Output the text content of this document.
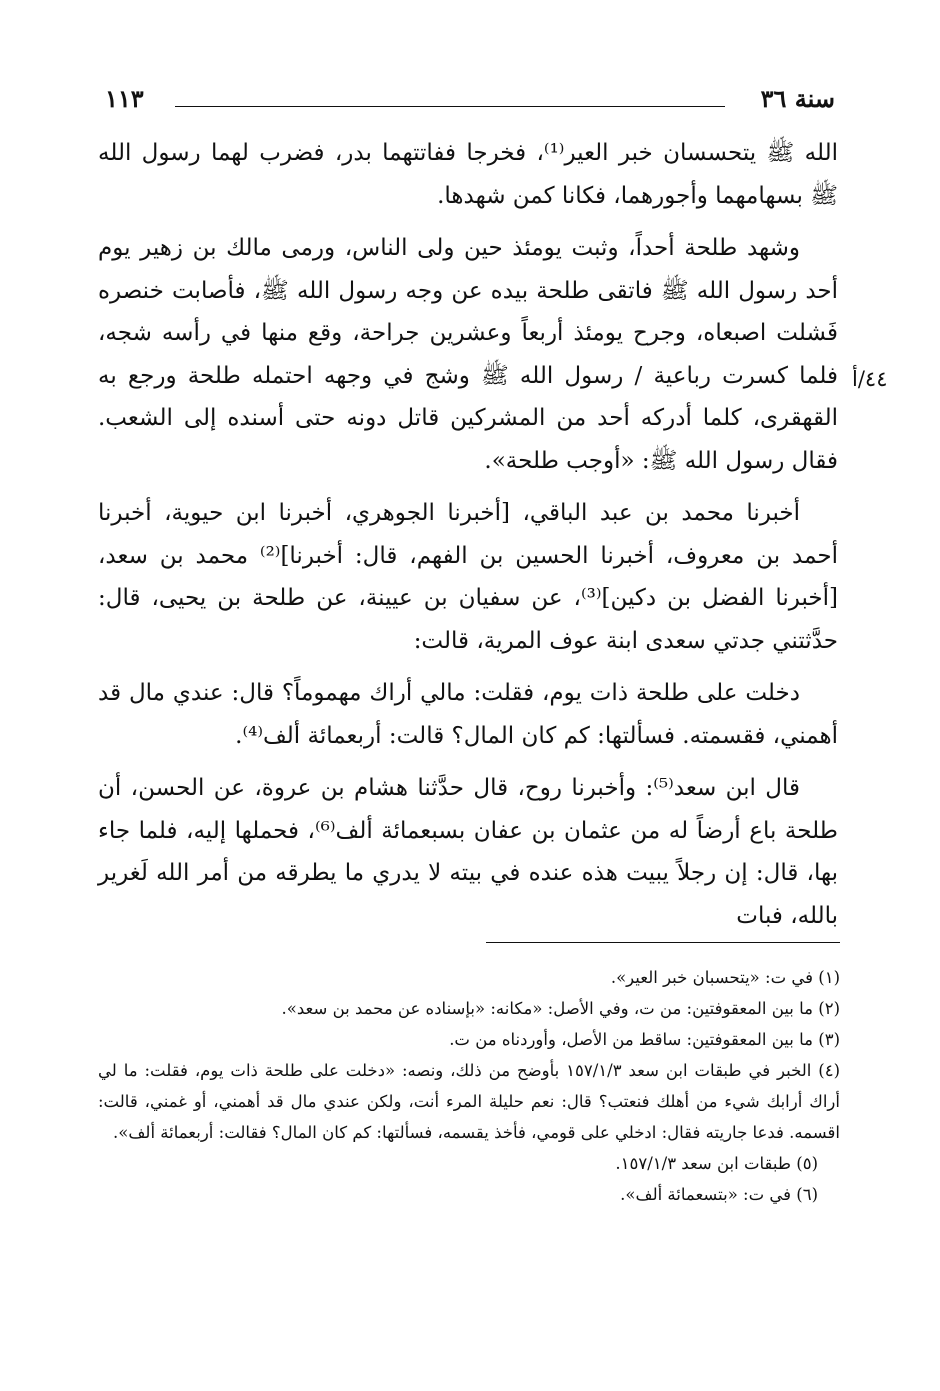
سنة ٣٦
١١٣

الله ﷺ يتحسسان خبر العير⁽¹⁾، فخرجا ففاتتهما بدر، فضرب لهما رسول الله ﷺ بسهامهما وأجورهما، فكانا كمن شهدها.

وشهد طلحة أحداً، وثبت يومئذ حين ولى الناس، ورمى مالك بن زهير يوم أحد رسول الله ﷺ فاتقى طلحة بيده عن وجه رسول الله ﷺ، فأصابت خنصره فَشلت اصبعاه، وجرح يومئذ أربعاً وعشرين جراحة، وقع منها في رأسه شجه، فلما كسرت رباعية / رسول الله ﷺ وشج في وجهه احتمله طلحة ورجع به القهقرى، كلما أدركه أحد من المشركين قاتل دونه حتى أسنده إلى الشعب. فقال رسول الله ﷺ: «أوجب طلحة».

أخبرنا محمد بن عبد الباقي، [أخبرنا الجوهري، أخبرنا ابن حيوية، أخبرنا أحمد بن معروف، أخبرنا الحسين بن الفهم، قال: أخبرنا]⁽²⁾ محمد بن سعد، [أخبرنا الفضل بن دكين]⁽³⁾، عن سفيان بن عيينة، عن طلحة بن يحيى، قال: حدَّثتني جدتي سعدى ابنة عوف المرية، قالت:

دخلت على طلحة ذات يوم، فقلت: مالي أراك مهموماً؟ قال: عندي مال قد أهمني، فقسمته. فسألتها: كم كان المال؟ قالت: أربعمائة ألف⁽⁴⁾.

قال ابن سعد⁽⁵⁾: وأخبرنا روح، قال حدَّثنا هشام بن عروة، عن الحسن، أن طلحة باع أرضاً له من عثمان بن عفان بسبعمائة ألف⁽⁶⁾، فحملها إليه، فلما جاء بها، قال: إن رجلاً يبيت هذه عنده في بيته لا يدري ما يطرقه من أمر الله لَغرير بالله، فبات

٤٤/أ

(١) في ت: «يتحسبان خبر العير».

(٢) ما بين المعقوفتين: من ت، وفي الأصل: «مكانه: «بإسناده عن محمد بن سعد».

(٣) ما بين المعقوفتين: ساقط من الأصل، وأوردناه من ت.

(٤) الخبر في طبقات ابن سعد ١٥٧/١/٣ بأوضح من ذلك، ونصه: «دخلت على طلحة ذات يوم، فقلت: ما لي أراك أرابك شيء من أهلك فنعتب؟ قال: نعم حليلة المرء أنت، ولكن عندي مال قد أهمني، أو غمني، قالت: اقسمه. فدعا جاريته فقال: ادخلي على قومي، فأخذ يقسمه، فسألتها: كم كان المال؟ فقالت: أربعمائة ألف».

(٥) طبقات ابن سعد ١٥٧/١/٣.

(٦) في ت: «بتسعمائة ألف».
